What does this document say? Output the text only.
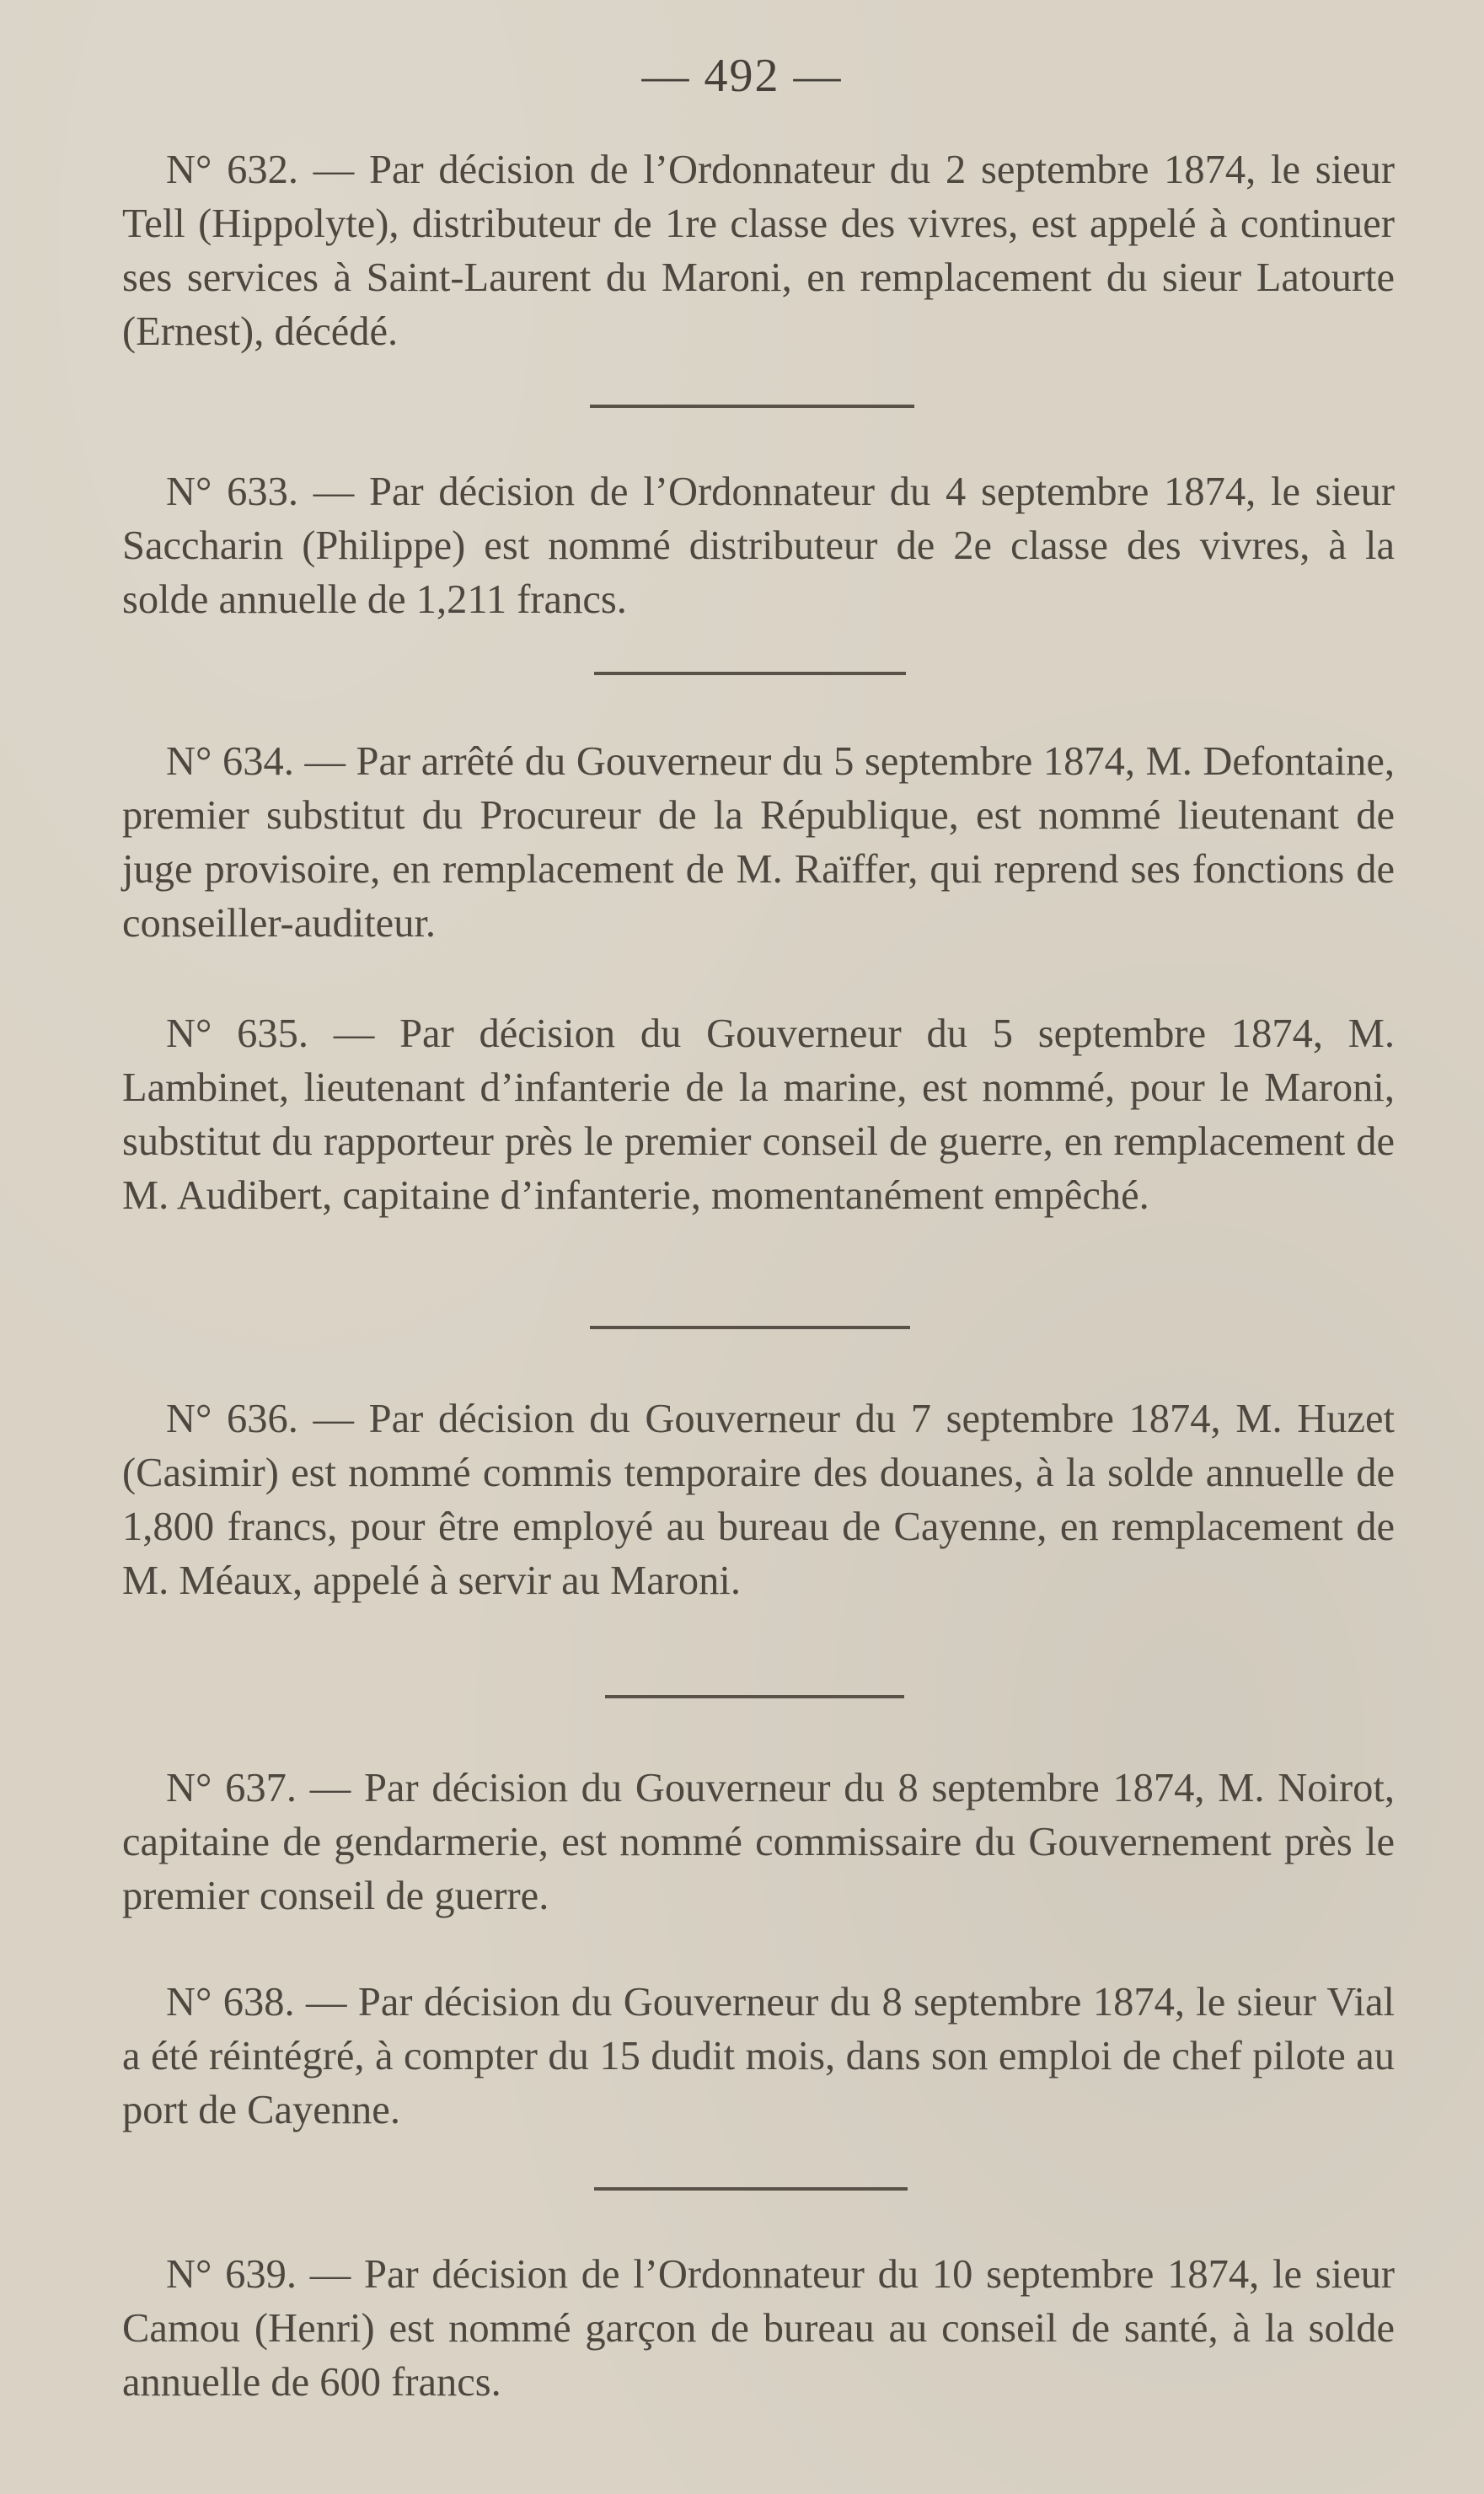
— 492 —
N° 632. — Par décision de l’Ordonnateur du 2 septembre 1874, le sieur Tell (Hippolyte), distributeur de 1re classe des vivres, est appelé à continuer ses services à Saint-Laurent du Maroni, en remplacement du sieur Latourte (Ernest), décédé.
N° 633. — Par décision de l’Ordonnateur du 4 septembre 1874, le sieur Saccharin (Philippe) est nommé distributeur de 2e classe des vivres, à la solde annuelle de 1,211 francs.
N° 634. — Par arrêté du Gouverneur du 5 septembre 1874, M. Defontaine, premier substitut du Procureur de la République, est nommé lieutenant de juge provisoire, en remplacement de M. Raïffer, qui reprend ses fonctions de conseiller-auditeur.
N° 635. — Par décision du Gouverneur du 5 septembre 1874, M. Lambinet, lieutenant d’infanterie de la marine, est nommé, pour le Maroni, substitut du rapporteur près le premier conseil de guerre, en remplacement de M. Audibert, capitaine d’infanterie, momentanément empêché.
N° 636. — Par décision du Gouverneur du 7 septembre 1874, M. Huzet (Casimir) est nommé commis temporaire des douanes, à la solde annuelle de 1,800 francs, pour être employé au bureau de Cayenne, en remplacement de M. Méaux, appelé à servir au Maroni.
N° 637. — Par décision du Gouverneur du 8 septembre 1874, M. Noirot, capitaine de gendarmerie, est nommé commissaire du Gouvernement près le premier conseil de guerre.
N° 638. — Par décision du Gouverneur du 8 septembre 1874, le sieur Vial a été réintégré, à compter du 15 dudit mois, dans son emploi de chef pilote au port de Cayenne.
N° 639. — Par décision de l’Ordonnateur du 10 septembre 1874, le sieur Camou (Henri) est nommé garçon de bureau au conseil de santé, à la solde annuelle de 600 francs.
